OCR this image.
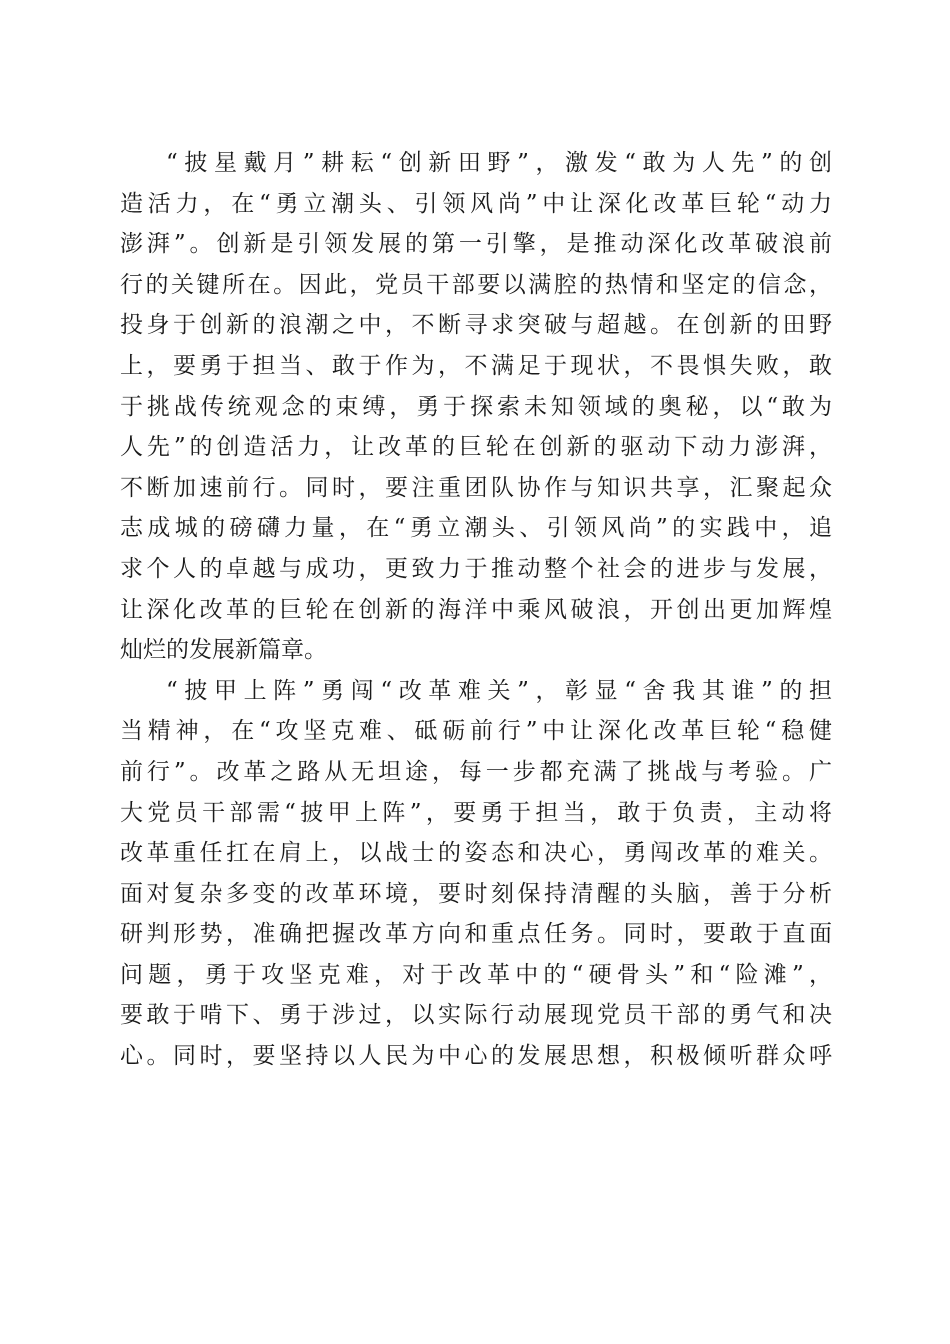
“披星戴月”耕耘“创新田野”，激发“敢为人先”的创
造活力，在“勇立潮头、引领风尚”中让深化改革巨轮“动力
澎湃”。创新是引领发展的第一引擎，是推动深化改革破浪前
行的关键所在。因此，党员干部要以满腔的热情和坚定的信念，
投身于创新的浪潮之中，不断寻求突破与超越。在创新的田野
上，要勇于担当、敢于作为，不满足于现状，不畏惧失败，敢
于挑战传统观念的束缚，勇于探索未知领域的奥秘，以“敢为
人先”的创造活力，让改革的巨轮在创新的驱动下动力澎湃，
不断加速前行。同时，要注重团队协作与知识共享，汇聚起众
志成城的磅礴力量，在“勇立潮头、引领风尚”的实践中，追
求个人的卓越与成功，更致力于推动整个社会的进步与发展，
让深化改革的巨轮在创新的海洋中乘风破浪，开创出更加辉煌
灿烂的发展新篇章。
“披甲上阵”勇闯“改革难关”，彰显“舍我其谁”的担
当精神，在“攻坚克难、砥砺前行”中让深化改革巨轮“稳健
前行”。改革之路从无坦途，每一步都充满了挑战与考验。广
大党员干部需“披甲上阵”，要勇于担当，敢于负责，主动将
改革重任扛在肩上，以战士的姿态和决心，勇闯改革的难关。
面对复杂多变的改革环境，要时刻保持清醒的头脑，善于分析
研判形势，准确把握改革方向和重点任务。同时，要敢于直面
问题，勇于攻坚克难，对于改革中的“硬骨头”和“险滩”，
要敢于啃下、勇于涉过，以实际行动展现党员干部的勇气和决
心。同时，要坚持以人民为中心的发展思想，积极倾听群众呼
